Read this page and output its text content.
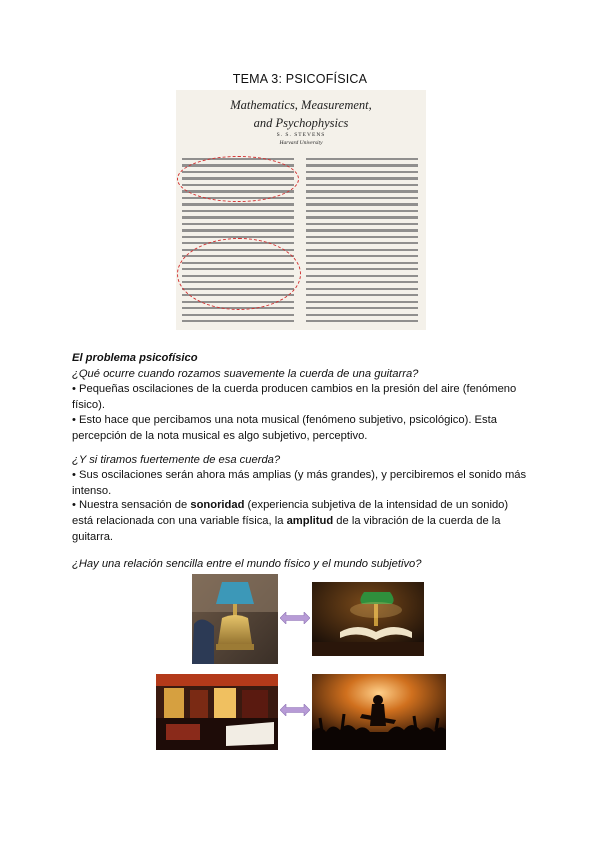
TEMA 3: PSICOFÍSICA
Mathematics, Measurement,
and Psychophysics
S. S. STEVENS
Harvard University
El problema psicofísico
¿Qué ocurre cuando rozamos suavemente la cuerda de una guitarra?
• Pequeñas oscilaciones de la cuerda producen cambios en la presión del aire (fenómeno físico).
• Esto hace que percibamos una nota musical (fenómeno subjetivo, psicológico). Esta percepción de la nota musical es algo subjetivo, perceptivo.
¿Y si tiramos fuertemente de esa cuerda?
• Sus oscilaciones serán ahora más amplias (y más grandes), y percibiremos el sonido más intenso.
• Nuestra sensación de sonoridad (experiencia subjetiva de la intensidad de un sonido) está relacionada con una variable física, la amplitud de la vibración de la cuerda de la guitarra.
¿Hay una relación sencilla entre el mundo físico y el mundo subjetivo?
